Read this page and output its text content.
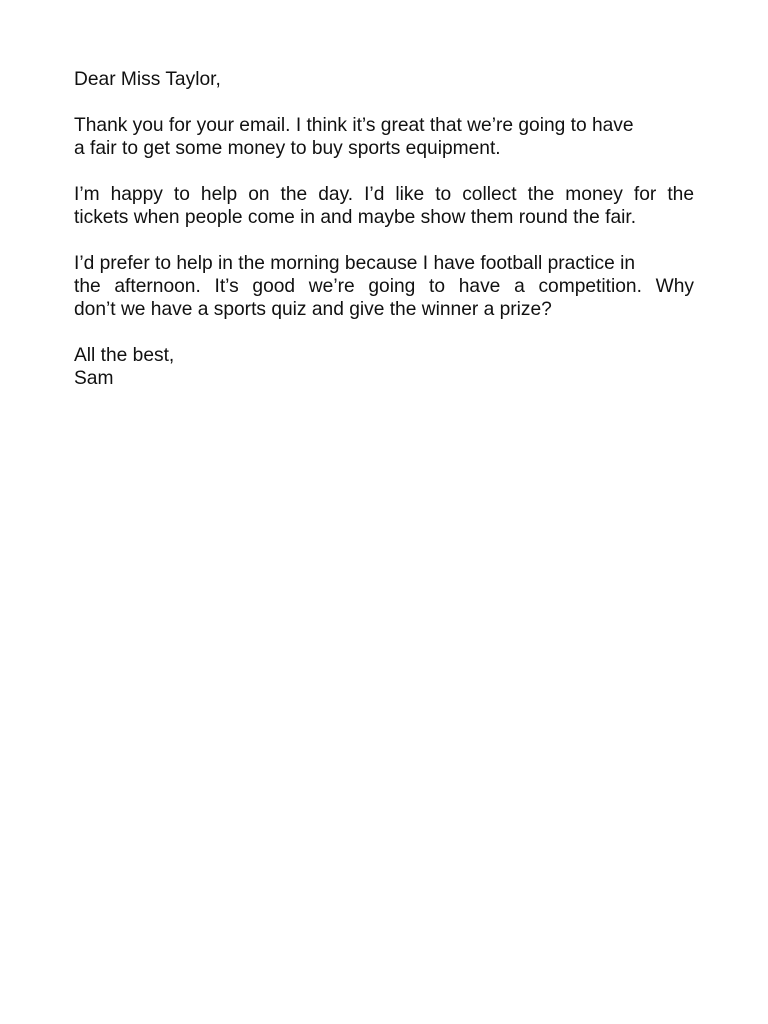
Dear Miss Taylor,

Thank you for your email. I think it’s great that we’re going to have
a fair to get some money to buy sports equipment.

I’m happy to help on the day. I’d like to collect the money for the
tickets when people come in and maybe show them round the fair.

I’d prefer to help in the morning because I have football practice in
the afternoon. It’s good we’re going to have a competition. Why
don’t we have a sports quiz and give the winner a prize?

All the best,
Sam
